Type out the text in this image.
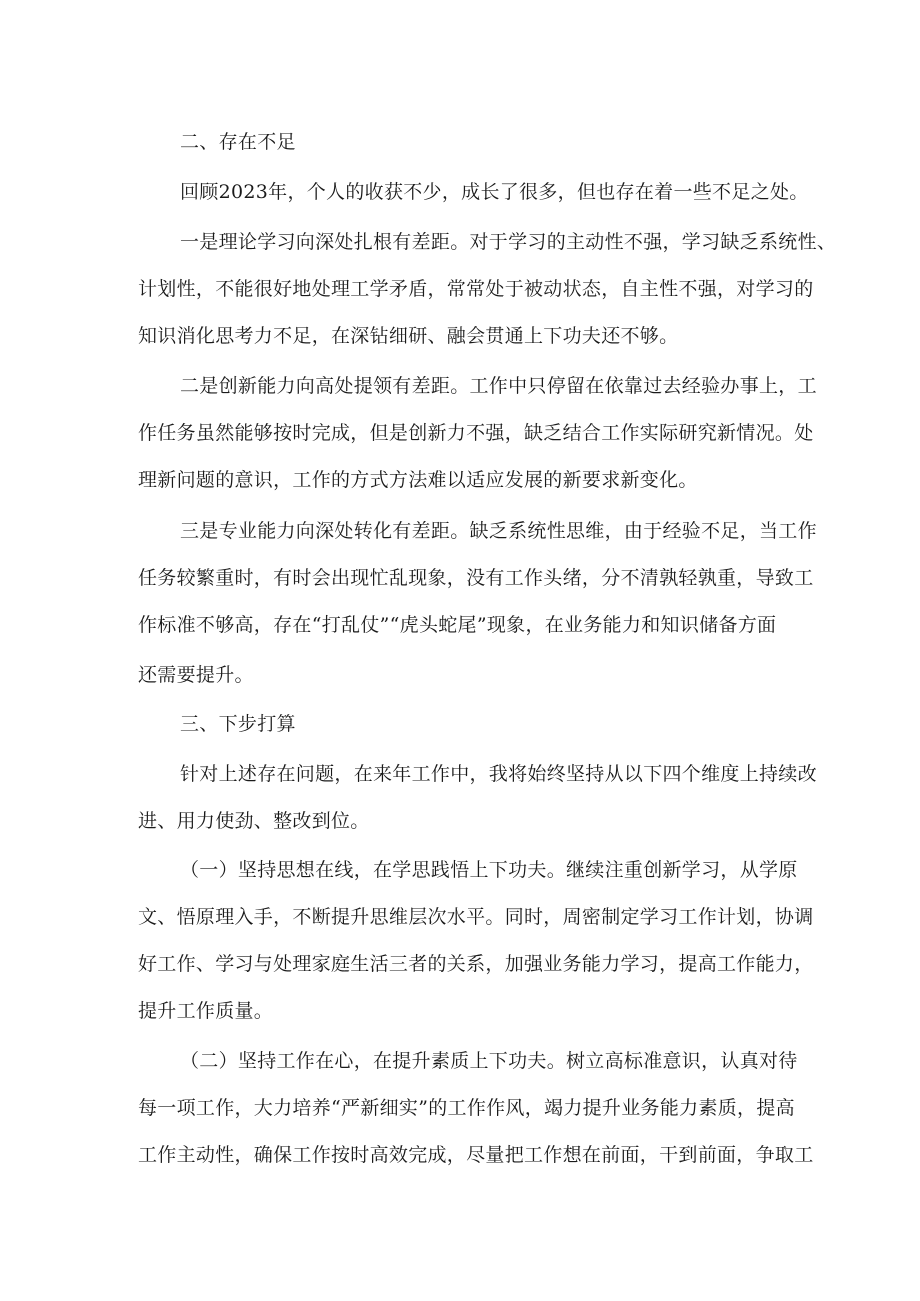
二、存在不足
回顾2023年，个人的收获不少，成长了很多，但也存在着一些不足之处。
一是理论学习向深处扎根有差距。对于学习的主动性不强，学习缺乏系统性、
计划性，不能很好地处理工学矛盾，常常处于被动状态，自主性不强，对学习的
知识消化思考力不足，在深钻细研、融会贯通上下功夫还不够。
二是创新能力向高处提领有差距。工作中只停留在依靠过去经验办事上，工
作任务虽然能够按时完成，但是创新力不强，缺乏结合工作实际研究新情况。处
理新问题的意识，工作的方式方法难以适应发展的新要求新变化。
三是专业能力向深处转化有差距。缺乏系统性思维，由于经验不足，当工作
任务较繁重时，有时会出现忙乱现象，没有工作头绪，分不清孰轻孰重，导致工
作标准不够高，存在“打乱仗”“虎头蛇尾”现象，在业务能力和知识储备方面
还需要提升。
三、下步打算
针对上述存在问题，在来年工作中，我将始终坚持从以下四个维度上持续改
进、用力使劲、整改到位。
（一）坚持思想在线，在学思践悟上下功夫。继续注重创新学习，从学原
文、悟原理入手，不断提升思维层次水平。同时，周密制定学习工作计划，协调
好工作、学习与处理家庭生活三者的关系，加强业务能力学习，提高工作能力，
提升工作质量。
（二）坚持工作在心，在提升素质上下功夫。树立高标准意识，认真对待
每一项工作，大力培养“严新细实”的工作作风，竭力提升业务能力素质，提高
工作主动性，确保工作按时高效完成，尽量把工作想在前面，干到前面，争取工
